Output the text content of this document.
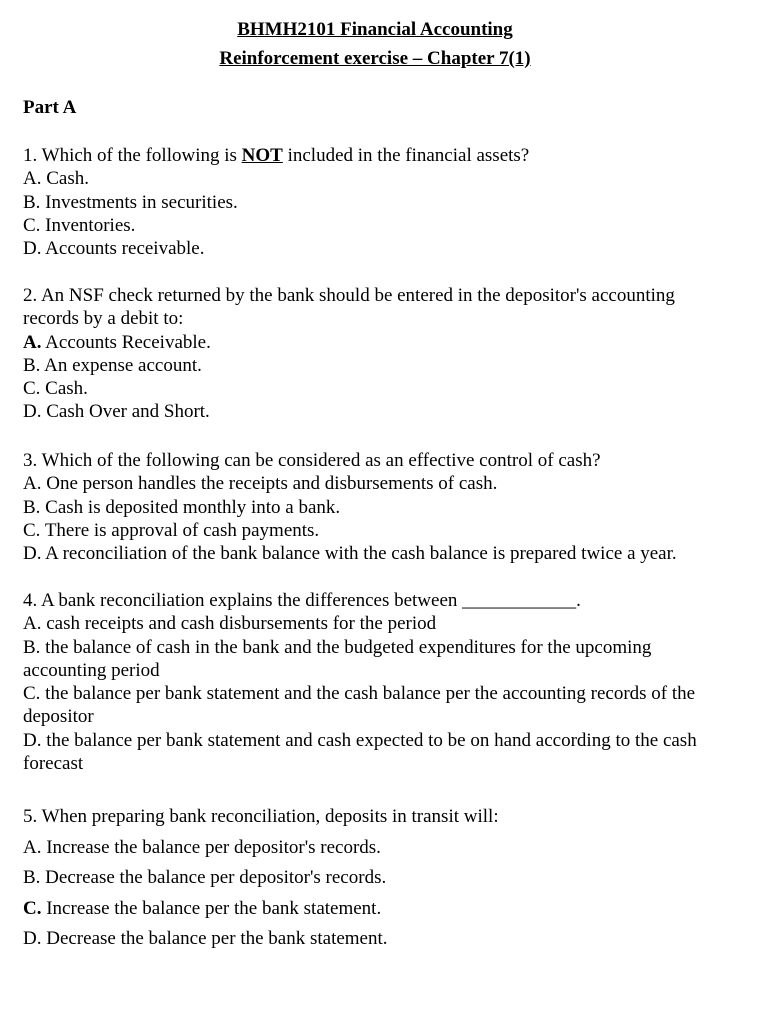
BHMH2101 Financial Accounting
Reinforcement exercise – Chapter 7(1)
Part A
1. Which of the following is NOT included in the financial assets?
A. Cash.
B. Investments in securities.
C. Inventories.
D. Accounts receivable.
2. An NSF check returned by the bank should be entered in the depositor's accounting records by a debit to:
A. Accounts Receivable.
B. An expense account.
C. Cash.
D. Cash Over and Short.
3. Which of the following can be considered as an effective control of cash?
A. One person handles the receipts and disbursements of cash.
B. Cash is deposited monthly into a bank.
C. There is approval of cash payments.
D. A reconciliation of the bank balance with the cash balance is prepared twice a year.
4. A bank reconciliation explains the differences between ____________.
A. cash receipts and cash disbursements for the period
B. the balance of cash in the bank and the budgeted expenditures for the upcoming accounting period
C. the balance per bank statement and the cash balance per the accounting records of the depositor
D. the balance per bank statement and cash expected to be on hand according to the cash forecast
5. When preparing bank reconciliation, deposits in transit will:
A. Increase the balance per depositor's records.
B. Decrease the balance per depositor's records.
C. Increase the balance per the bank statement.
D. Decrease the balance per the bank statement.
